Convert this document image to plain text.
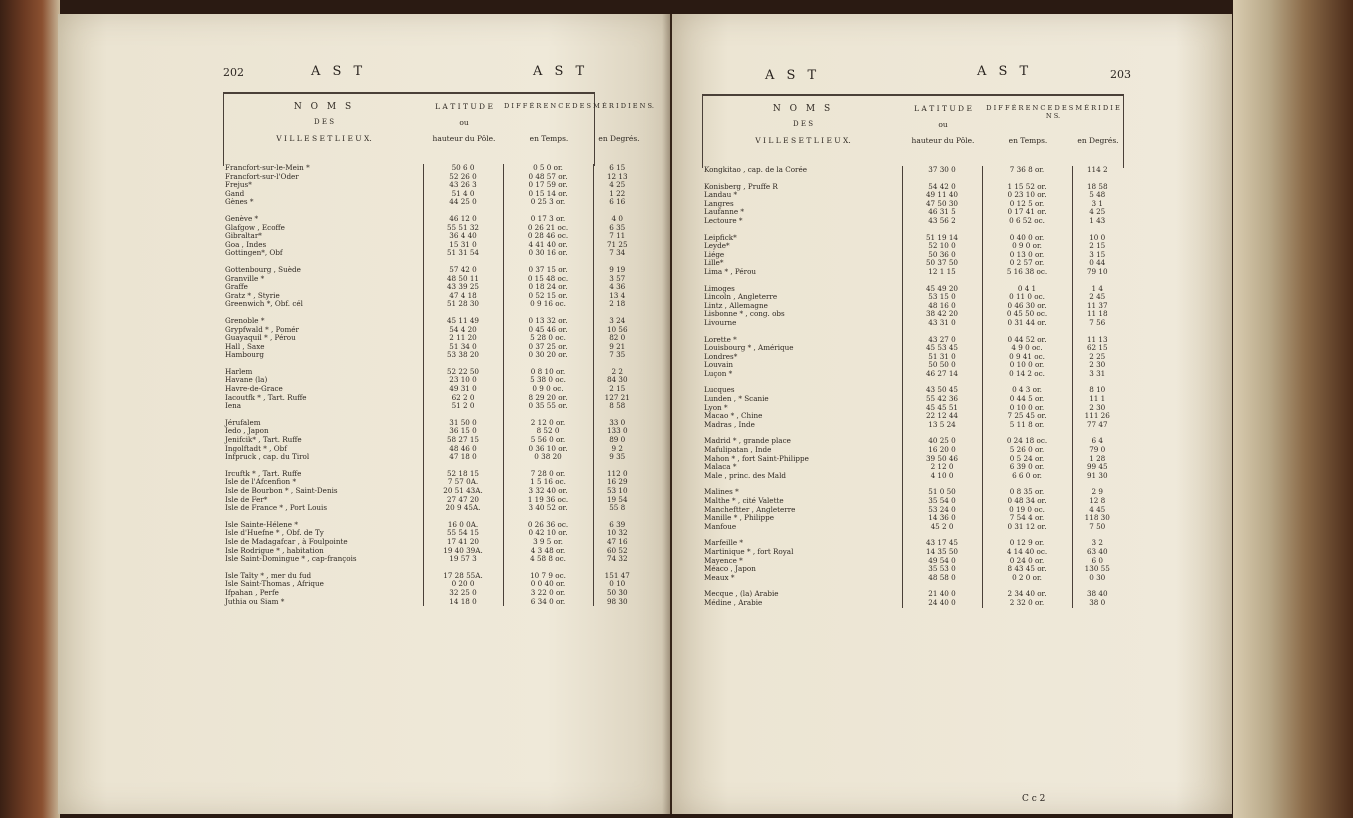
202	A S T	A S T
N O M S
D E S
V I L L E S E T L I E U X.
L A T I T U D E
ou
hauteur du Pôle.
D I F F É R E N C E D E S M É R I D I E N S.
en Temps.	en Degrés.
Francfort-sur-le-Mein *	50 6 0	0 5 0 or.	6 15
Francfort-sur-l'Oder	52 26 0	0 48 57 or.	12 13
Frejus*	43 26 3	0 17 59 or.	4 25
Gand	51 4 0	0 15 14 or.	1 22
Gènes *	44 25 0	0 25 3 or.	6 16

Genève *	46 12 0	0 17 3 or.	4 0
Glafgow , Ecoffe	55 51 32	0 26 21 oc.	6 35
Gibraltar*	36 4 40	0 28 46 oc.	7 11
Goa , Indes	15 31 0	4 41 40 or.	71 25
Gottingen*, Obf	51 31 54	0 30 16 or.	7 34

Gottenbourg , Suède	57 42 0	0 37 15 or.	9 19
Granville *	48 50 11	0 15 48 oc.	3 57
Graffe	43 39 25	0 18 24 or.	4 36
Gratz * , Styrie	47 4 18	0 52 15 or.	13 4
Greenwich *, Obf. cél	51 28 30	0 9 16 oc.	2 18

Grenoble *	45 11 49	0 13 32 or.	3 24
Grypfwald * , Pomér	54 4 20	0 45 46 or.	10 56
Guayaquil * , Pérou	2 11 20	5 28 0 oc.	82 0
Hall , Saxe	51 34 0	0 37 25 or.	9 21
Hambourg	53 38 20	0 30 20 or.	7 35

Harlem	52 22 50	0 8 10 or.	2 2
Havane (la)	23 10 0	5 38 0 oc.	84 30
Havre-de-Grace	49 31 0	0 9 0 oc.	2 15
Iacoutfk * , Tart. Ruffe	62 2 0	8 29 20 or.	127 21
Iena	51 2 0	0 35 55 or.	8 58

Jérufalem	31 50 0	2 12 0 or.	33 0
Iedo , Japon	36 15 0	8 52 0	133 0
Jenifcik* , Tart. Ruffe	58 27 15	5 56 0 or.	89 0
Ingolftadt * , Obf	48 46 0	0 36 10 or.	9 2
Infpruck , cap. du Tirol	47 18 0	0 38 20	9 35

Ircuftk * , Tart. Ruffe	52 18 15	7 28 0 or.	112 0
Isle de l'Afcenfion *	7 57 0A.	1 5 16 oc.	16 29
Isle de Bourbon * , Saint-Denis	20 51 43A.	3 32 40 or.	53 10
Isle de Fer*	27 47 20	1 19 36 oc.	19 54
Isle de France * , Port Louis	20 9 45A.	3 40 52 or.	55 8

Isle Sainte-Hélene *	16 0 0A.	0 26 36 oc.	6 39
Isle d'Huefne * , Obf. de Ty	55 54 15	0 42 10 or.	10 32
Isle de Madagafcar , à Foulpointe	17 41 20	3 9 5 or.	47 16
Isle Rodrigue * , habitation	19 40 39A.	4 3 48 or.	60 52
Isle Saint-Domingue * , cap-françois	19 57 3	4 58 8 oc.	74 32

Isle Taïty * , mer du fud	17 28 55A.	10 7 9 oc.	151 47
Isle Saint-Thomas , Afrique	0 20 0	0 0 40 or.	0 10
Ifpahan , Perfe	32 25 0	3 22 0 or.	50 30
Juthia ou Siam *	14 18 0	6 34 0 or.	98 30
A S T	A S T	203
N O M S
D E S
V I L L E S E T L I E U X.
L A T I T U D E
ou
hauteur du Pôle.
D I F F É R E N C E D E S M É R I D I E N S.
en Temps.	en Degrés.
Kongkitao , cap. de la Corée	37 30 0	7 36 8 or.	114 2

Konisberg , Pruffe R	54 42 0	1 15 52 or.	18 58
Landau *	49 11 40	0 23 10 or.	5 48
Langres	47 50 30	0 12 5 or.	3 1
Laufanne *	46 31 5	0 17 41 or.	4 25
Lectoure *	43 56 2	0 6 52 oc.	1 43

Leipfick*	51 19 14	0 40 0 or.	10 0
Leyde*	52 10 0	0 9 0 or.	2 15
Liége	50 36 0	0 13 0 or.	3 15
Lille*	50 37 50	0 2 57 or.	0 44
Lima * , Pérou	12 1 15	5 16 38 oc.	79 10

Limoges	45 49 20	0 4 1	1 4
Lincoln , Angleterre	53 15 0	0 11 0 oc.	2 45
Lintz , Allemagne	48 16 0	0 46 30 or.	11 37
Lisbonne * , cong. obs	38 42 20	0 45 50 oc.	11 18
Livourne	43 31 0	0 31 44 or.	7 56

Lorette *	43 27 0	0 44 52 or.	11 13
Louisbourg * , Amérique	45 53 45	4 9 0 oc.	62 15
Londres*	51 31 0	0 9 41 oc.	2 25
Louvain	50 50 0	0 10 0 or.	2 30
Luçon *	46 27 14	0 14 2 oc.	3 31

Lucques	43 50 45	0 4 3 or.	8 10
Lunden , * Scanie	55 42 36	0 44 5 or.	11 1
Lyon *	45 45 51	0 10 0 or.	2 30
Macao * , Chine	22 12 44	7 25 45 or.	111 26
Madras , Inde	13 5 24	5 11 8 or.	77 47

Madrid * , grande place	40 25 0	0 24 18 oc.	6 4
Mafulipatan , Inde	16 20 0	5 26 0 or.	79 0
Mahon * , fort Saint-Philippe	39 50 46	0 5 24 or.	1 28
Malaca *	2 12 0	6 39 0 or.	99 45
Male , princ. des Mald	4 10 0	6 6 0 or.	91 30

Malines *	51 0 50	0 8 35 or.	2 9
Malthe * , cité Valette	35 54 0	0 48 34 or.	12 8
Mancheftter , Angleterre	53 24 0	0 19 0 oc.	4 45
Manille * , Philippe	14 36 0	7 54 4 or.	118 30
Manfoue	45 2 0	0 31 12 or.	7 50

Marfeille *	43 17 45	0 12 9 or.	3 2
Martinique * , fort Royal	14 35 50	4 14 40 oc.	63 40
Mayence *	49 54 0	0 24 0 or.	6 0
Méaco , Japon	35 53 0	8 43 45 or.	130 55
Meaux *	48 58 0	0 2 0 or.	0 30

Mecque , (la) Arabie	21 40 0	2 34 40 or.	38 40
Médine , Arabie	24 40 0	2 32 0 or.	38 0
C c 2
